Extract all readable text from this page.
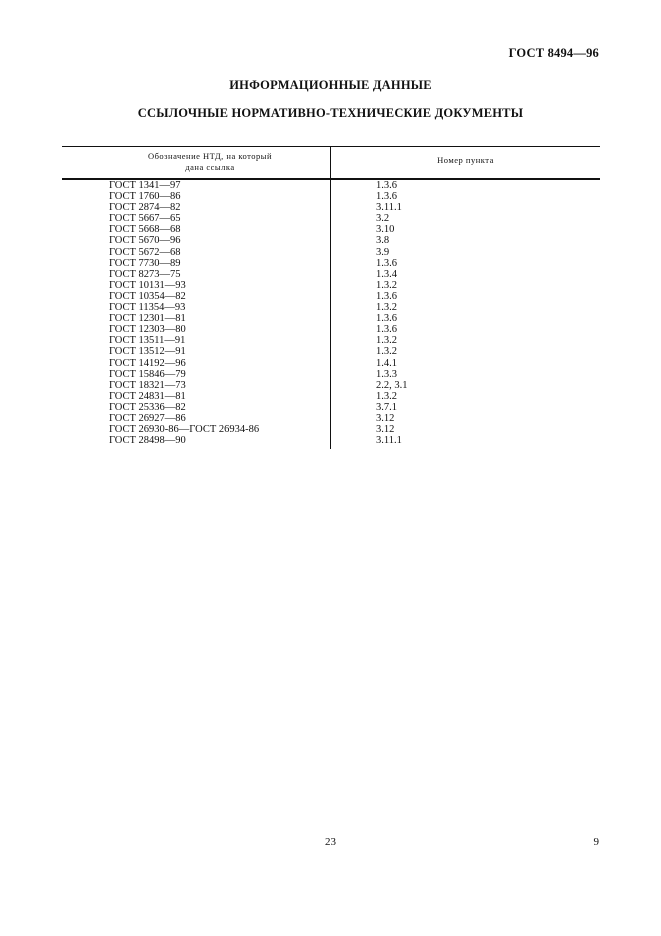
ГОСТ 8494—96
ИНФОРМАЦИОННЫЕ ДАННЫЕ
ССЫЛОЧНЫЕ НОРМАТИВНО-ТЕХНИЧЕСКИЕ ДОКУМЕНТЫ
Обозначение НТД, на который
дана ссылка
Номер пункта
ГОСТ 1341—97	1.3.6
ГОСТ 1760—86	1.3.6
ГОСТ 2874—82	3.11.1
ГОСТ 5667—65	3.2
ГОСТ 5668—68	3.10
ГОСТ 5670—96	3.8
ГОСТ 5672—68	3.9
ГОСТ 7730—89	1.3.6
ГОСТ 8273—75	1.3.4
ГОСТ 10131—93	1.3.2
ГОСТ 10354—82	1.3.6
ГОСТ 11354—93	1.3.2
ГОСТ 12301—81	1.3.6
ГОСТ 12303—80	1.3.6
ГОСТ 13511—91	1.3.2
ГОСТ 13512—91	1.3.2
ГОСТ 14192—96	1.4.1
ГОСТ 15846—79	1.3.3
ГОСТ 18321—73	2.2, 3.1
ГОСТ 24831—81	1.3.2
ГОСТ 25336—82	3.7.1
ГОСТ 26927—86	3.12
ГОСТ 26930-86—ГОСТ 26934-86	3.12
ГОСТ 28498—90	3.11.1
23	9
